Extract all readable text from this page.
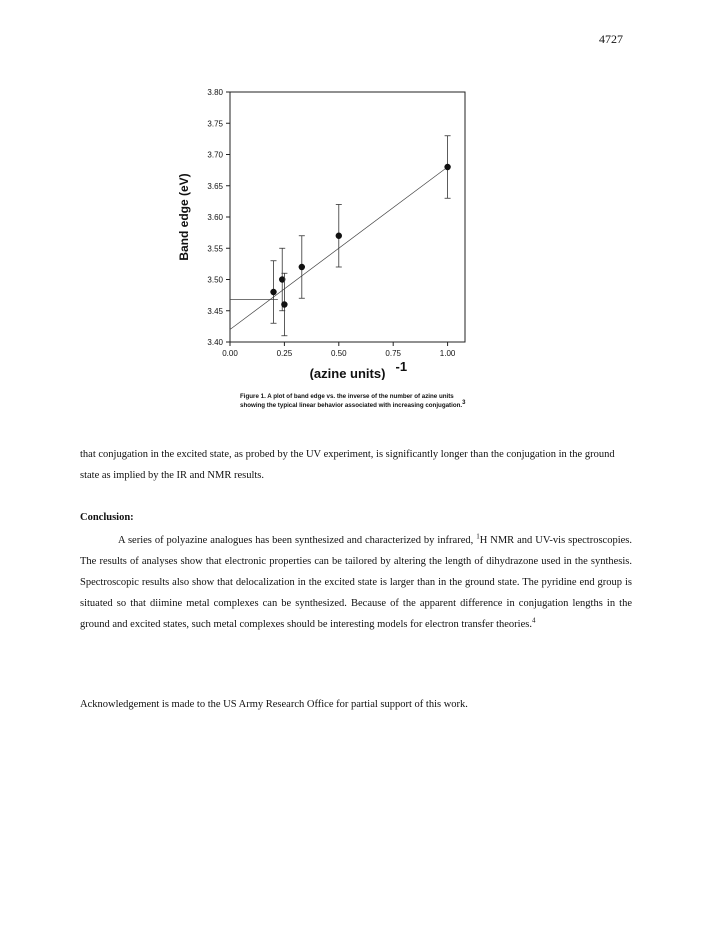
4727
3.40
3.45
3.50
3.55
3.60
3.65
3.70
3.75
3.80
0.00	0.25	0.50	0.75	1.00
Band edge (eV)
(azine units) -1
Figure 1. A plot of band edge vs. the inverse of the number of azine units
showing the typical linear behavior associated with increasing conjugation.$^3$
that conjugation in the excited state, as probed by the UV experiment, is significantly longer than the conjugation in the ground state as implied by the IR and NMR results.
Conclusion:
A series of polyazine analogues has been synthesized and characterized by infrared, $^1$H NMR and UV-vis spectroscopies. The results of analyses show that electronic properties can be tailored by altering the length of dihydrazone used in the synthesis. Spectroscopic results also show that delocalization in the excited state is larger than in the ground state. The pyridine end group is situated so that diimine metal complexes can be synthesized. Because of the apparent difference in conjugation lengths in the ground and excited states, such metal complexes should be interesting models for electron transfer theories.$^4$
Acknowledgement is made to the US Army Research Office for partial support of this work.
